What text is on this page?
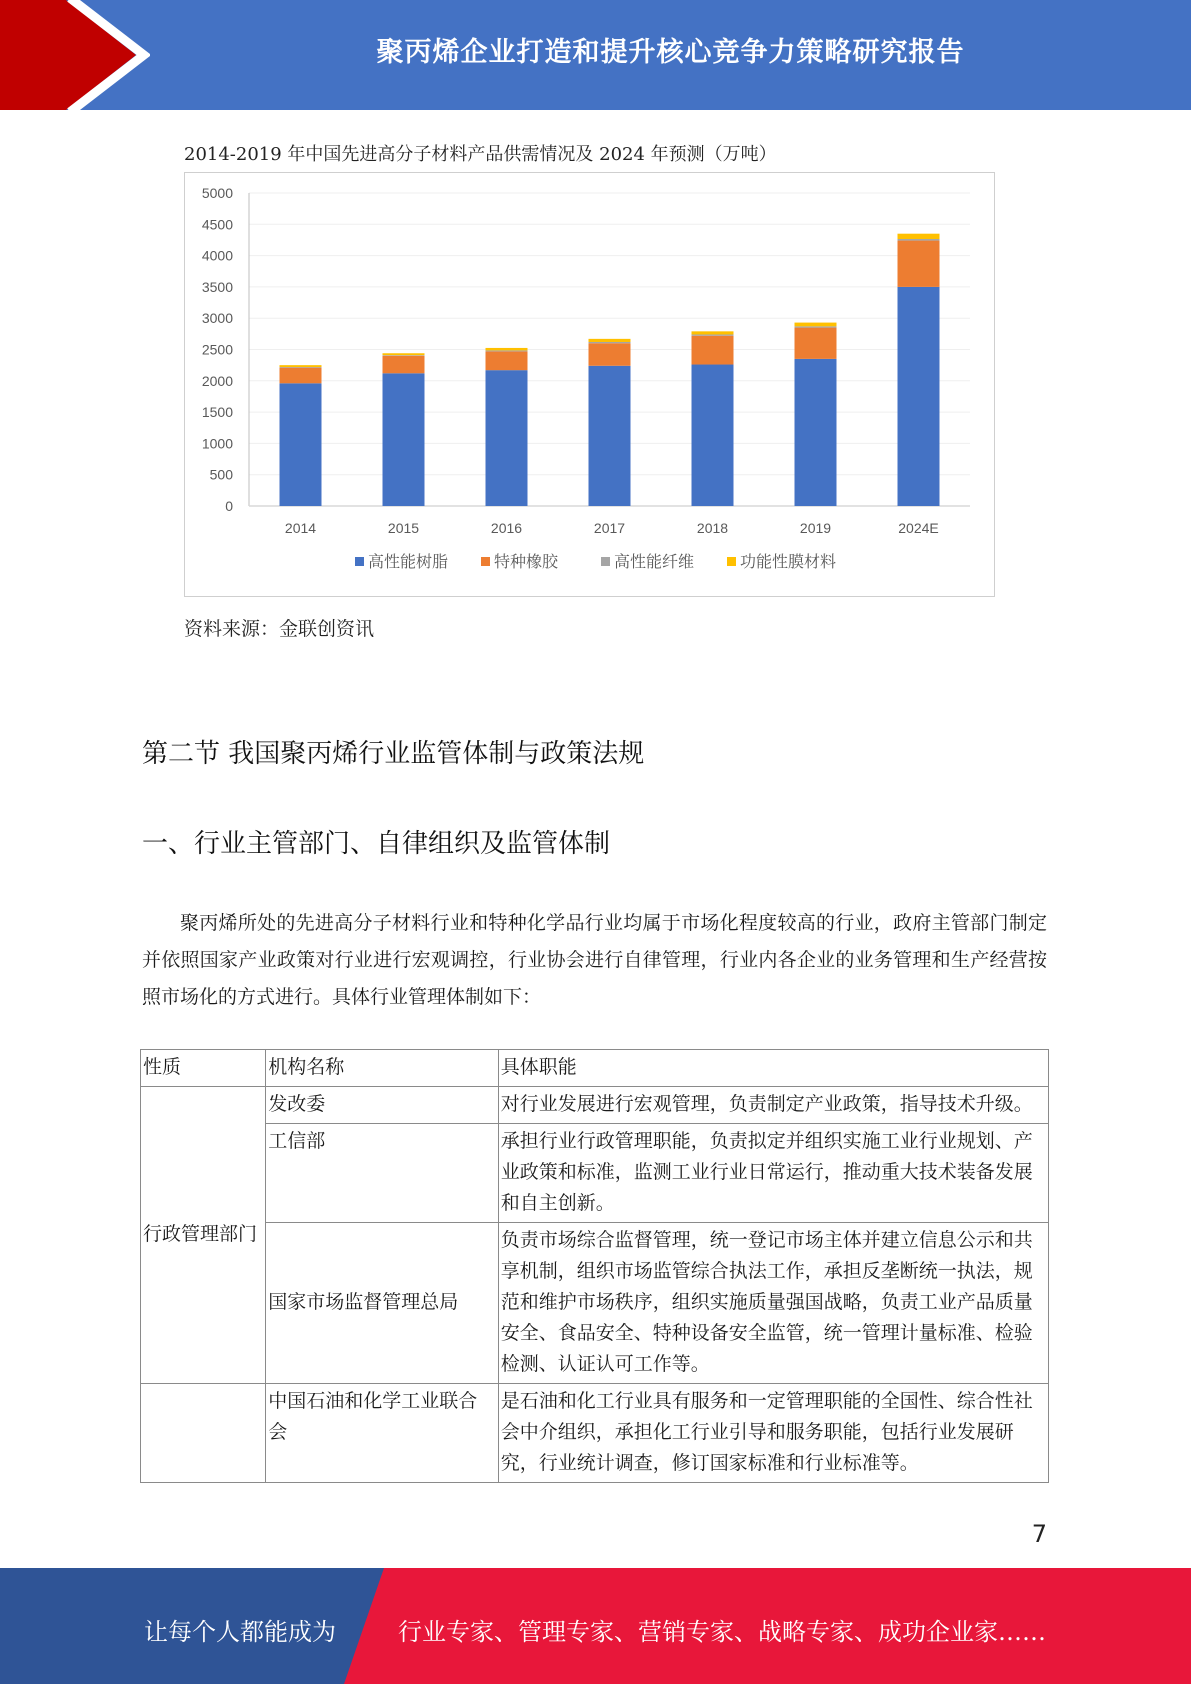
聚丙烯企业打造和提升核心竞争力策略研究报告
2014-2019 年中国先进高分子材料产品供需情况及 2024 年预测（万吨）
0
500
1000
1500
2000
2500
3000
3500
4000
4500
5000
2014	2015	2016	2017	2018	2019	2024E
高性能树脂	特种橡胶	高性能纤维	功能性膜材料
资料来源：金联创资讯
第二节 我国聚丙烯行业监管体制与政策法规
一、行业主管部门、自律组织及监管体制
聚丙烯所处的先进高分子材料行业和特种化学品行业均属于市场化程度较高的行业，政府主管部门制定并依照国家产业政策对行业进行宏观调控，行业协会进行自律管理，行业内各企业的业务管理和生产经营按照市场化的方式进行。具体行业管理体制如下：
性质	机构名称	具体职能
行政管理部门	发改委	对行业发展进行宏观管理，负责制定产业政策，指导技术升级。
	工信部	承担行业行政管理职能，负责拟定并组织实施工业行业规划、产业政策和标准，监测工业行业日常运行，推动重大技术装备发展和自主创新。
	国家市场监督管理总局	负责市场综合监督管理，统一登记市场主体并建立信息公示和共享机制，组织市场监管综合执法工作，承担反垄断统一执法，规范和维护市场秩序，组织实施质量强国战略，负责工业产品质量安全、食品安全、特种设备安全监管，统一管理计量标准、检验检测、认证认可工作等。
	中国石油和化学工业联合会	是石油和化工行业具有服务和一定管理职能的全国性、综合性社会中介组织，承担化工行业引导和服务职能，包括行业发展研究，行业统计调查，修订国家标准和行业标准等。
7
让每个人都能成为	行业专家、管理专家、营销专家、战略专家、成功企业家……
